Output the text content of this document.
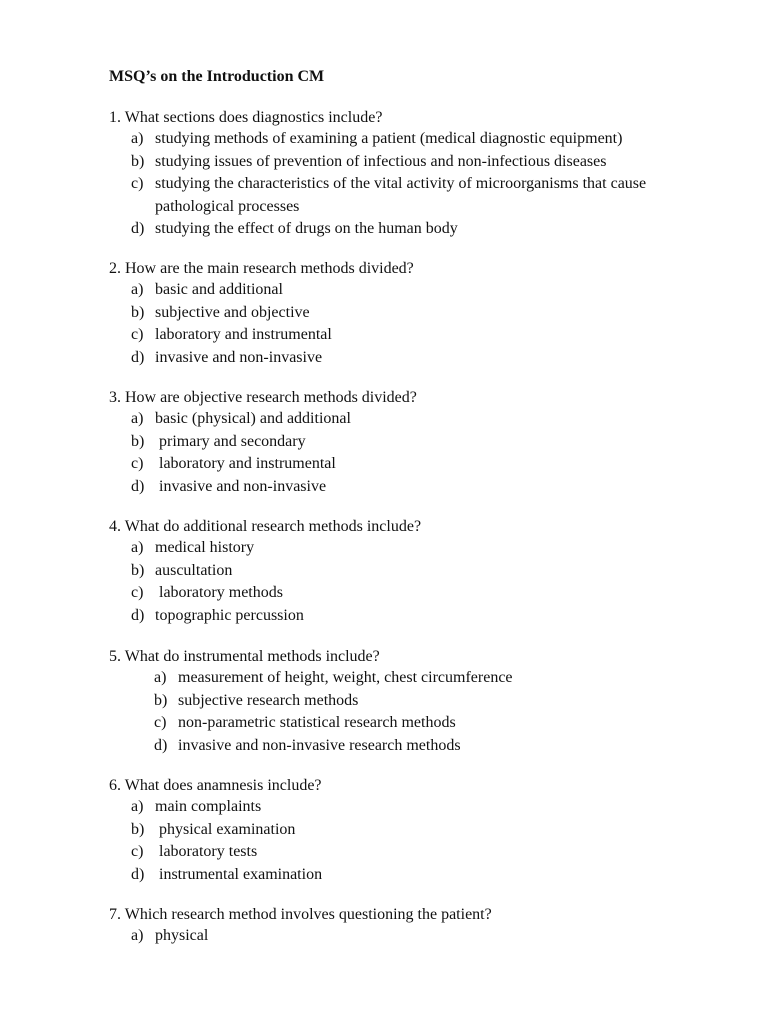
MSQ’s on the Introduction CM
1. What sections does diagnostics include?
a) studying methods of examining a patient (medical diagnostic equipment)
b) studying issues of prevention of infectious and non-infectious diseases
c) studying the characteristics of the vital activity of microorganisms that cause pathological processes
d) studying the effect of drugs on the human body
2. How are the main research methods divided?
a) basic and additional
b) subjective and objective
c) laboratory and instrumental
d) invasive and non-invasive
3. How are objective research methods divided?
a) basic (physical) and additional
b) primary and secondary
c) laboratory and instrumental
d) invasive and non-invasive
4. What do additional research methods include?
a) medical history
b) auscultation
c) laboratory methods
d) topographic percussion
5. What do instrumental methods include?
a) measurement of height, weight, chest circumference
b) subjective research methods
c) non-parametric statistical research methods
d) invasive and non-invasive research methods
6. What does anamnesis include?
a) main complaints
b) physical examination
c) laboratory tests
d) instrumental examination
7. Which research method involves questioning the patient?
a) physical
